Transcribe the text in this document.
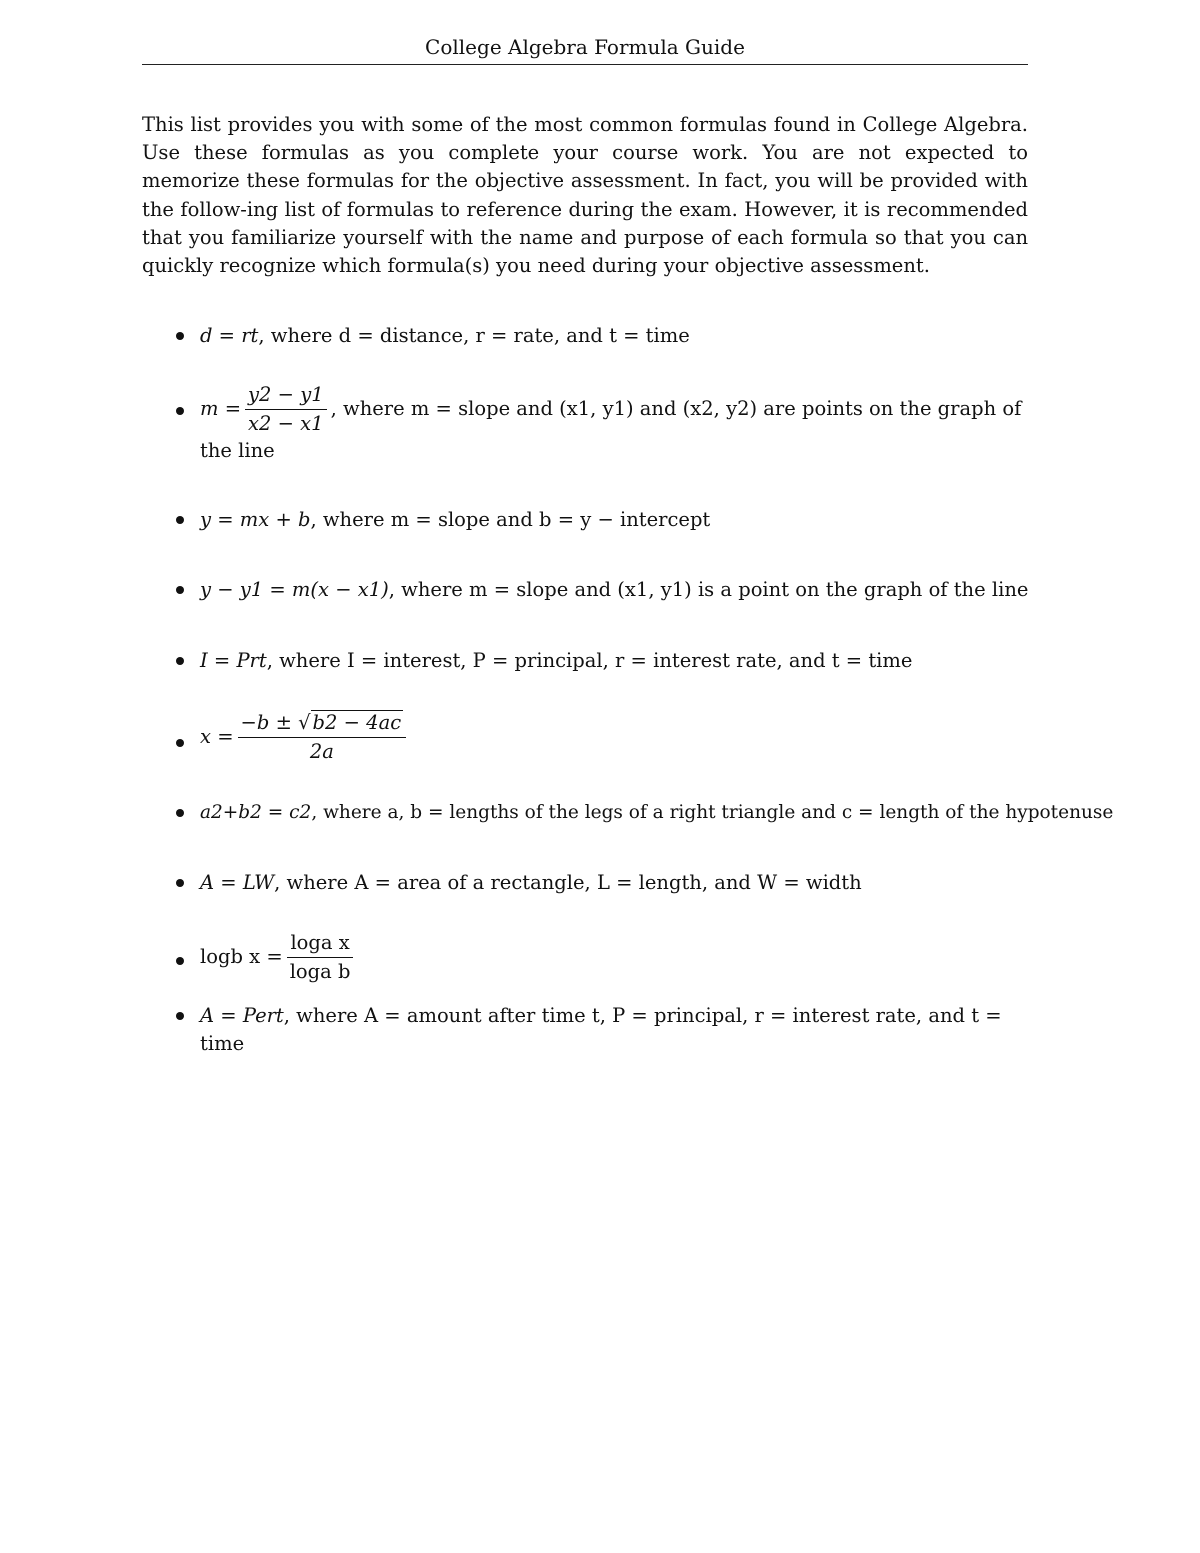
College Algebra Formula Guide

This list provides you with some of the most common formulas found in College Algebra. Use these formulas as you complete your course work. You are not expected to memorize these formulas for the objective assessment. In fact, you will be provided with the follow-ing list of formulas to reference during the exam. However, it is recommended that you familiarize yourself with the name and purpose of each formula so that you can quickly recognize which formula(s) you need during your objective assessment.

d = rt, where d = distance, r = rate, and t = time
$m = \frac{y2 - y1}{x2 - x1}$ , where m = slope and (x1, y1) and (x2, y2) are points on the graph of the line
y = mx + b, where m = slope and b = y − intercept
y − y1 = m(x − x1), where m = slope and (x1, y1) is a point on the graph of the line
I = Prt, where I = interest, P = principal, r = interest rate, and t = time
$x = \frac{-b \pm √ b2 - 4ac}{2a}$
a2+b2 = c2, where a, b = lengths of the legs of a right triangle and c = length of the hypotenuse
A = LW, where A = area of a rectangle, L = length, and W = width
logb $x = \frac{\text{loga x}}{\text{loga b}}$
A = Pert, where A = amount after time t, P = principal, r = interest rate, and t = time
